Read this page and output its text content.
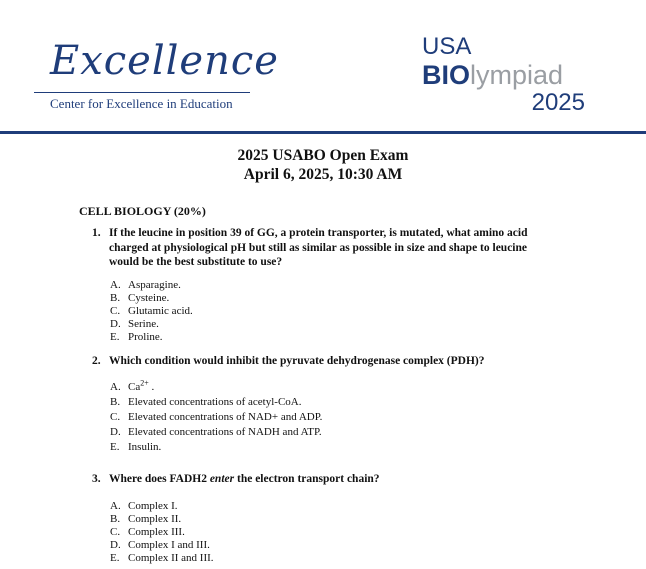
Excellence
Center for Excellence in Education
USA
BIOlympiad
2025
2025 USABO Open Exam
April 6, 2025, 10:30 AM
CELL BIOLOGY (20%)
1. If the leucine in position 39 of GG, a protein transporter, is mutated, what amino acid charged at physiological pH but still as similar as possible in size and shape to leucine would be the best substitute to use?
A. Asparagine.
B. Cysteine.
C. Glutamic acid.
D. Serine.
E. Proline.
2. Which condition would inhibit the pyruvate dehydrogenase complex (PDH)?
A. $Ca^{2+}$ .
B. Elevated concentrations of acetyl-CoA.
C. Elevated concentrations of NAD+ and ADP.
D. Elevated concentrations of NADH and ATP.
E. Insulin.
3. Where does FADH2 enter the electron transport chain?
A. Complex I.
B. Complex II.
C. Complex III.
D. Complex I and III.
E. Complex II and III.
